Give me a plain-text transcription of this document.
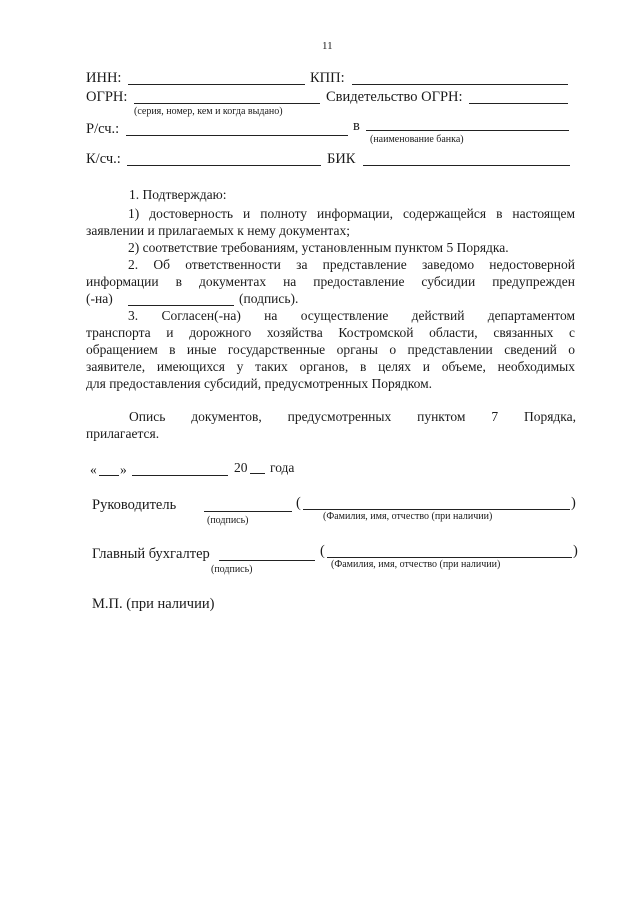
11
ИНН:	КПП:
ОГРН:	Свидетельство ОГРН:
(серия, номер, кем и когда выдано)
Р/сч.:	в
(наименование банка)
К/сч.:	БИК
1. Подтверждаю:
1) достоверность и полноту информации, содержащейся в настоящем
заявлении и прилагаемых к нему документах;
2) соответствие требованиям, установленным пунктом 5 Порядка.
2. Об ответственности за представление заведомо недостоверной
информации в документах на предоставление субсидии предупрежден
(-на)	(подпись).
3. Согласен(-на) на осуществление действий департаментом
транспорта и дорожного хозяйства Костромской области, связанных с
обращением в иные государственные органы о представлении сведений о
заявителе, имеющихся у таких органов, в целях и объеме, необходимых
для предоставления субсидий, предусмотренных Порядком.
Опись документов, предусмотренных пунктом 7 Порядка,
прилагается.
« »	20 года
Руководитель	(	)
(подпись)	(Фамилия, имя, отчество (при наличии)
Главный бухгалтер	(	)
(подпись)	(Фамилия, имя, отчество (при наличии)
М.П. (при наличии)
